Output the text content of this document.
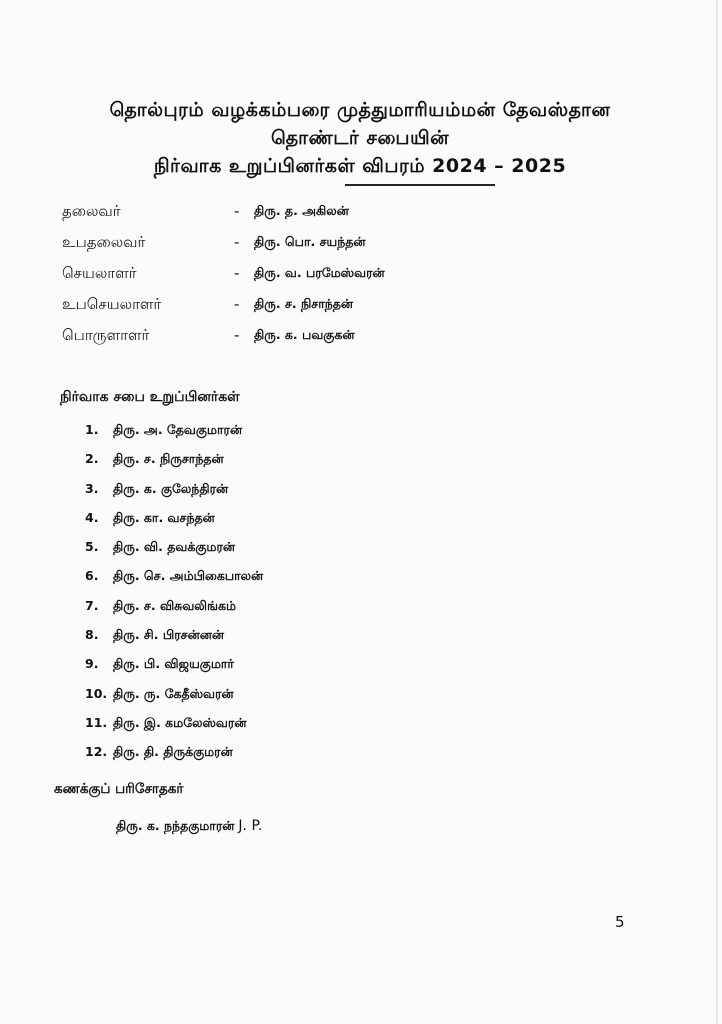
தொல்புரம் வழக்கம்பரை முத்துமாரியம்மன் தேவஸ்தான
தொண்டர் சபையின்
நிர்வாக உறுப்பினர்கள் விபரம் 2024 – 2025
தலைவர்	- திரு. த. அகிலன்
உபதலைவர்	- திரு. பொ. சயந்தன்
செயலாளர்	- திரு. வ. பரமேஸ்வரன்
உபசெயலாளர்	- திரு. ச. நிசாந்தன்
பொருளாளர்	- திரு. க. பவகுகன்
நிர்வாக சபை உறுப்பினர்கள்
1.	திரு. அ. தேவகுமாரன்
2.	திரு. ச. நிருசாந்தன்
3.	திரு. க. குலேந்திரன்
4.	திரு. கா. வசந்தன்
5.	திரு. வி. தவக்குமரன்
6.	திரு. செ. அம்பிகைபாலன்
7.	திரு. ச. விசுவலிங்கம்
8.	திரு. சி. பிரசன்னன்
9.	திரு. பி. விஜயகுமார்
10. திரு. ரு. கேதீஸ்வரன்
11. திரு. இ. கமலேஸ்வரன்
12. திரு. தி. திருக்குமரன்
கணக்குப் பரிசோதகர்
திரு. க. நந்தகுமாரன் J. P.
5
